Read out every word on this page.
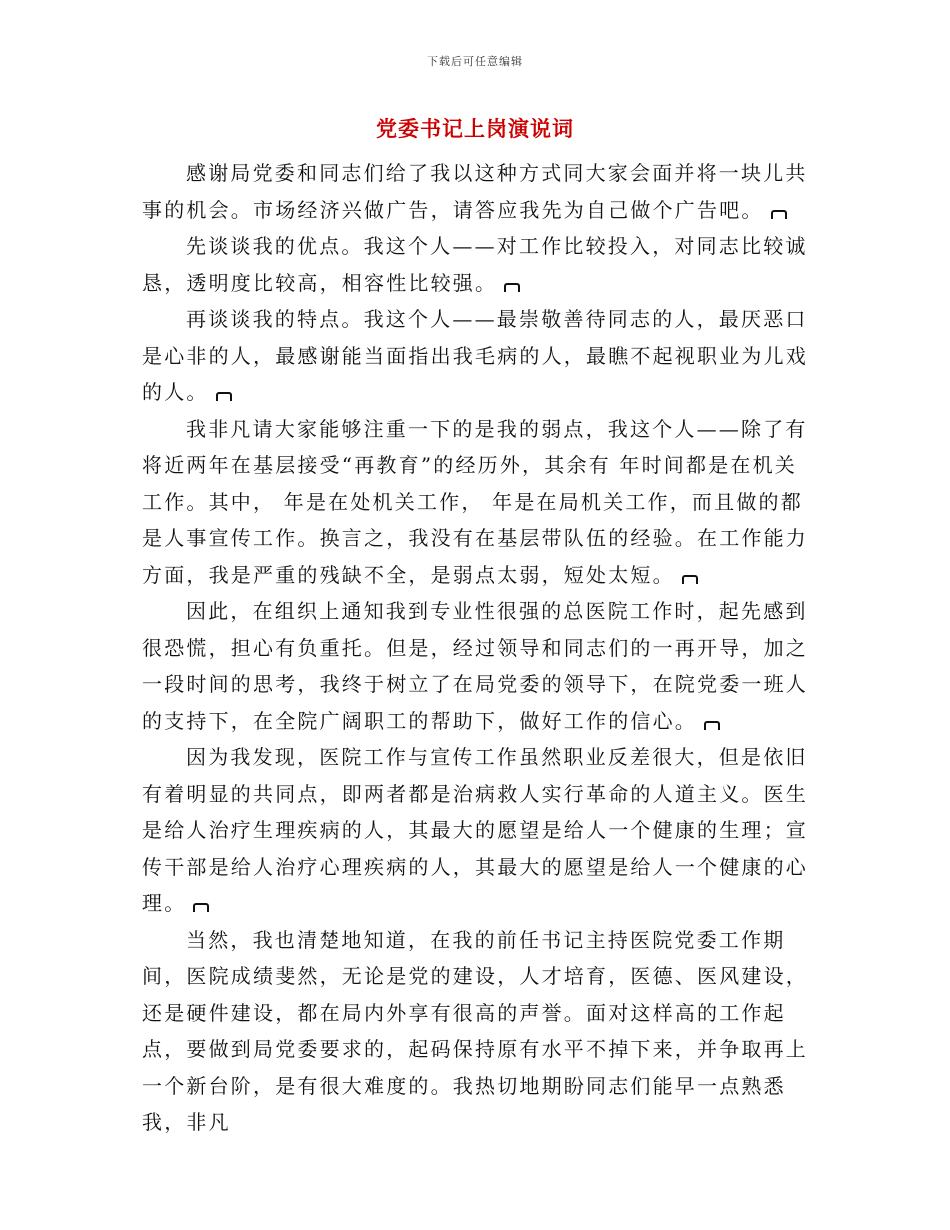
下载后可任意编辑
党委书记上岗演说词

感谢局党委和同志们给了我以这种方式同大家会面并将一块儿共事的机会。市场经济兴做广告，请答应我先为自己做个广告吧。

先谈谈我的优点。我这个人——对工作比较投入，对同志比较诚恳，透明度比较高，相容性比较强。

再谈谈我的特点。我这个人——最崇敬善待同志的人，最厌恶口是心非的人，最感谢能当面指出我毛病的人，最瞧不起视职业为儿戏的人。

我非凡请大家能够注重一下的是我的弱点，我这个人——除了有将近两年在基层接受“再教育”的经历外，其余有 年时间都是在机关工作。其中， 年是在处机关工作， 年是在局机关工作，而且做的都是人事宣传工作。换言之，我没有在基层带队伍的经验。在工作能力方面，我是严重的残缺不全，是弱点太弱，短处太短。

因此，在组织上通知我到专业性很强的总医院工作时，起先感到很恐慌，担心有负重托。但是，经过领导和同志们的一再开导，加之一段时间的思考，我终于树立了在局党委的领导下，在院党委一班人的支持下，在全院广阔职工的帮助下，做好工作的信心。

因为我发现，医院工作与宣传工作虽然职业反差很大，但是依旧有着明显的共同点，即两者都是治病救人实行革命的人道主义。医生是给人治疗生理疾病的人，其最大的愿望是给人一个健康的生理；宣传干部是给人治疗心理疾病的人，其最大的愿望是给人一个健康的心理。

当然，我也清楚地知道，在我的前任书记主持医院党委工作期间，医院成绩斐然，无论是党的建设，人才培育，医德、医风建设，还是硬件建设，都在局内外享有很高的声誉。面对这样高的工作起点，要做到局党委要求的，起码保持原有水平不掉下来，并争取再上一个新台阶，是有很大难度的。我热切地期盼同志们能早一点熟悉我，非凡
